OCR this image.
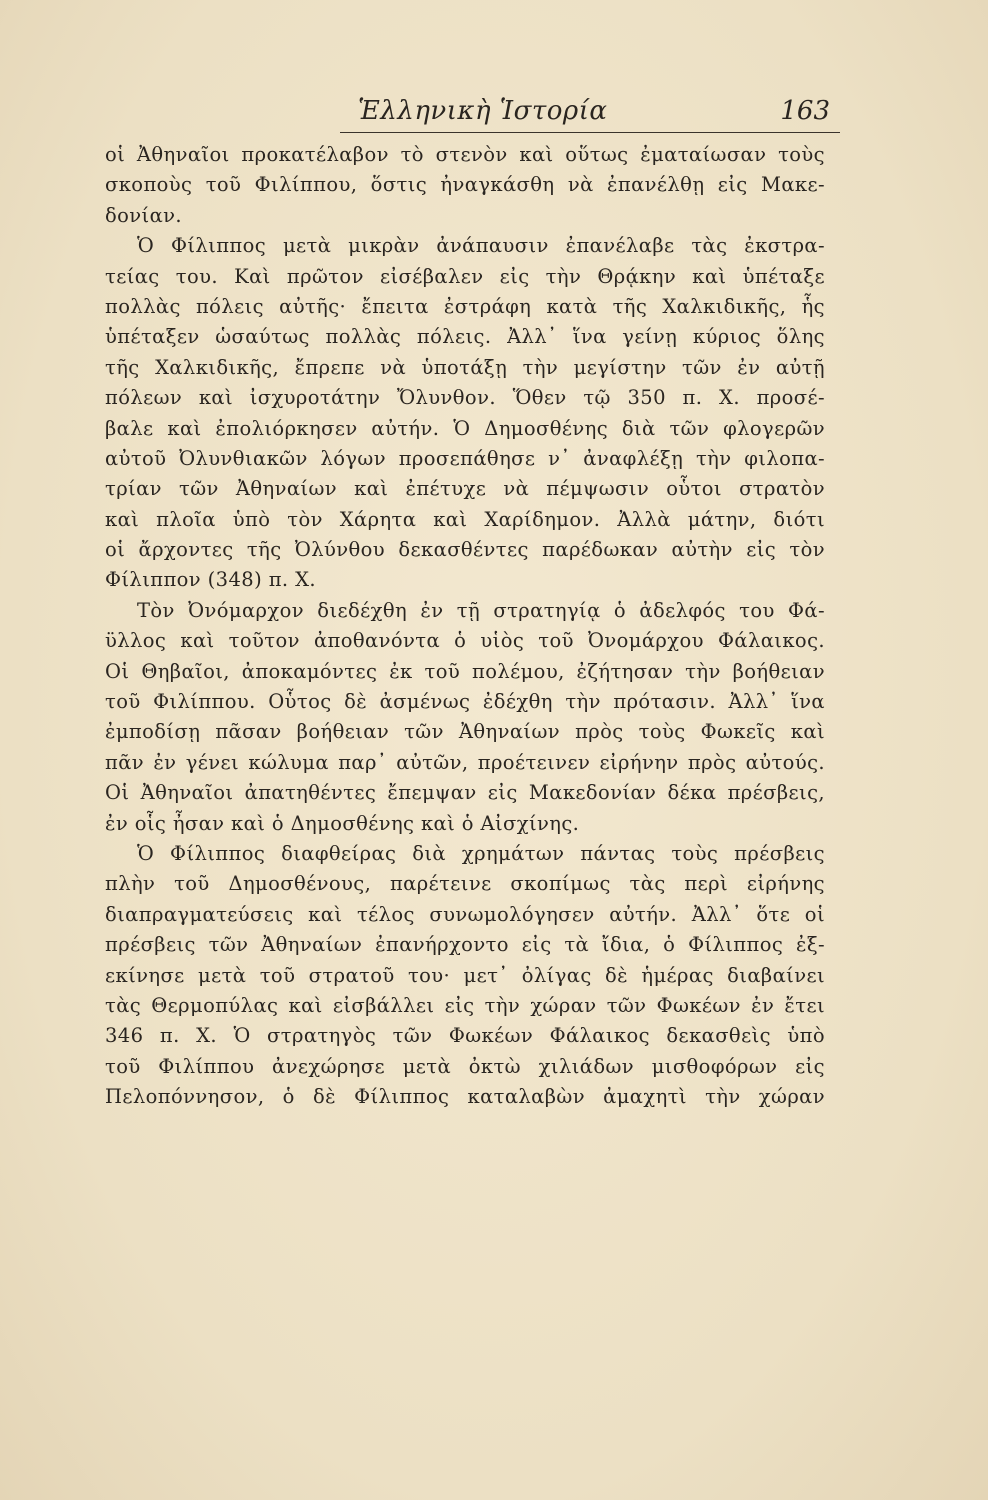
Ἑλληνικὴ Ἱστορία	163
οἱ Ἀθηναῖοι προκατέλαβον τὸ στενὸν καὶ οὕτως ἐματαίωσαν τοὺς
σκοποὺς τοῦ Φιλίππου, ὅστις ἠναγκάσθη νὰ ἐπανέλθῃ εἰς Μακε-
δονίαν.
Ὁ Φίλιππος μετὰ μικρὰν ἀνάπαυσιν ἐπανέλαβε τὰς ἐκστρα-
τείας του. Καὶ πρῶτον εἰσέβαλεν εἰς τὴν Θρᾴκην καὶ ὑπέταξε
πολλὰς πόλεις αὐτῆς· ἔπειτα ἐστράφη κατὰ τῆς Χαλκιδικῆς, ἧς
ὑπέταξεν ὡσαύτως πολλὰς πόλεις. Ἀλλ᾽ ἵνα γείνῃ κύριος ὅλης
τῆς Χαλκιδικῆς, ἔπρεπε νὰ ὑποτάξῃ τὴν μεγίστην τῶν ἐν αὐτῇ
πόλεων καὶ ἰσχυροτάτην Ὄλυνθον. Ὅθεν τῷ 350 π. Χ. προσέ-
βαλε καὶ ἐπολιόρκησεν αὐτήν. Ὁ Δημοσθένης διὰ τῶν φλογερῶν
αὐτοῦ Ὀλυνθιακῶν λόγων προσεπάθησε ν᾽ ἀναφλέξῃ τὴν φιλοπα-
τρίαν τῶν Ἀθηναίων καὶ ἐπέτυχε νὰ πέμψωσιν οὗτοι στρατὸν
καὶ πλοῖα ὑπὸ τὸν Χάρητα καὶ Χαρίδημον. Ἀλλὰ μάτην, διότι
οἱ ἄρχοντες τῆς Ὀλύνθου δεκασθέντες παρέδωκαν αὐτὴν εἰς τὸν
Φίλιππον (348) π. Χ.
Τὸν Ὀνόμαρχον διεδέχθη ἐν τῇ στρατηγίᾳ ὁ ἀδελφός του Φά-
ϋλλος καὶ τοῦτον ἀποθανόντα ὁ υἱὸς τοῦ Ὀνομάρχου Φάλαικος.
Οἱ Θηβαῖοι, ἀποκαμόντες ἐκ τοῦ πολέμου, ἐζήτησαν τὴν βοήθειαν
τοῦ Φιλίππου. Οὗτος δὲ ἀσμένως ἐδέχθη τὴν πρότασιν. Ἀλλ᾽ ἵνα
ἐμποδίσῃ πᾶσαν βοήθειαν τῶν Ἀθηναίων πρὸς τοὺς Φωκεῖς καὶ
πᾶν ἐν γένει κώλυμα παρ᾽ αὐτῶν, προέτεινεν εἰρήνην πρὸς αὐτούς.
Οἱ Ἀθηναῖοι ἀπατηθέντες ἔπεμψαν εἰς Μακεδονίαν δέκα πρέσβεις,
ἐν οἷς ἦσαν καὶ ὁ Δημοσθένης καὶ ὁ Αἰσχίνης.
Ὁ Φίλιππος διαφθείρας διὰ χρημάτων πάντας τοὺς πρέσβεις
πλὴν τοῦ Δημοσθένους, παρέτεινε σκοπίμως τὰς περὶ εἰρήνης
διαπραγματεύσεις καὶ τέλος συνωμολόγησεν αὐτήν. Ἀλλ᾽ ὅτε οἱ
πρέσβεις τῶν Ἀθηναίων ἐπανήρχοντο εἰς τὰ ἴδια, ὁ Φίλιππος ἐξ-
εκίνησε μετὰ τοῦ στρατοῦ του· μετ᾽ ὀλίγας δὲ ἡμέρας διαβαίνει
τὰς Θερμοπύλας καὶ εἰσβάλλει εἰς τὴν χώραν τῶν Φωκέων ἐν ἔτει
346 π. Χ. Ὁ στρατηγὸς τῶν Φωκέων Φάλαικος δεκασθεὶς ὑπὸ
τοῦ Φιλίππου ἀνεχώρησε μετὰ ὀκτὼ χιλιάδων μισθοφόρων εἰς
Πελοπόννησον, ὁ δὲ Φίλιππος καταλαβὼν ἀμαχητὶ τὴν χώραν
